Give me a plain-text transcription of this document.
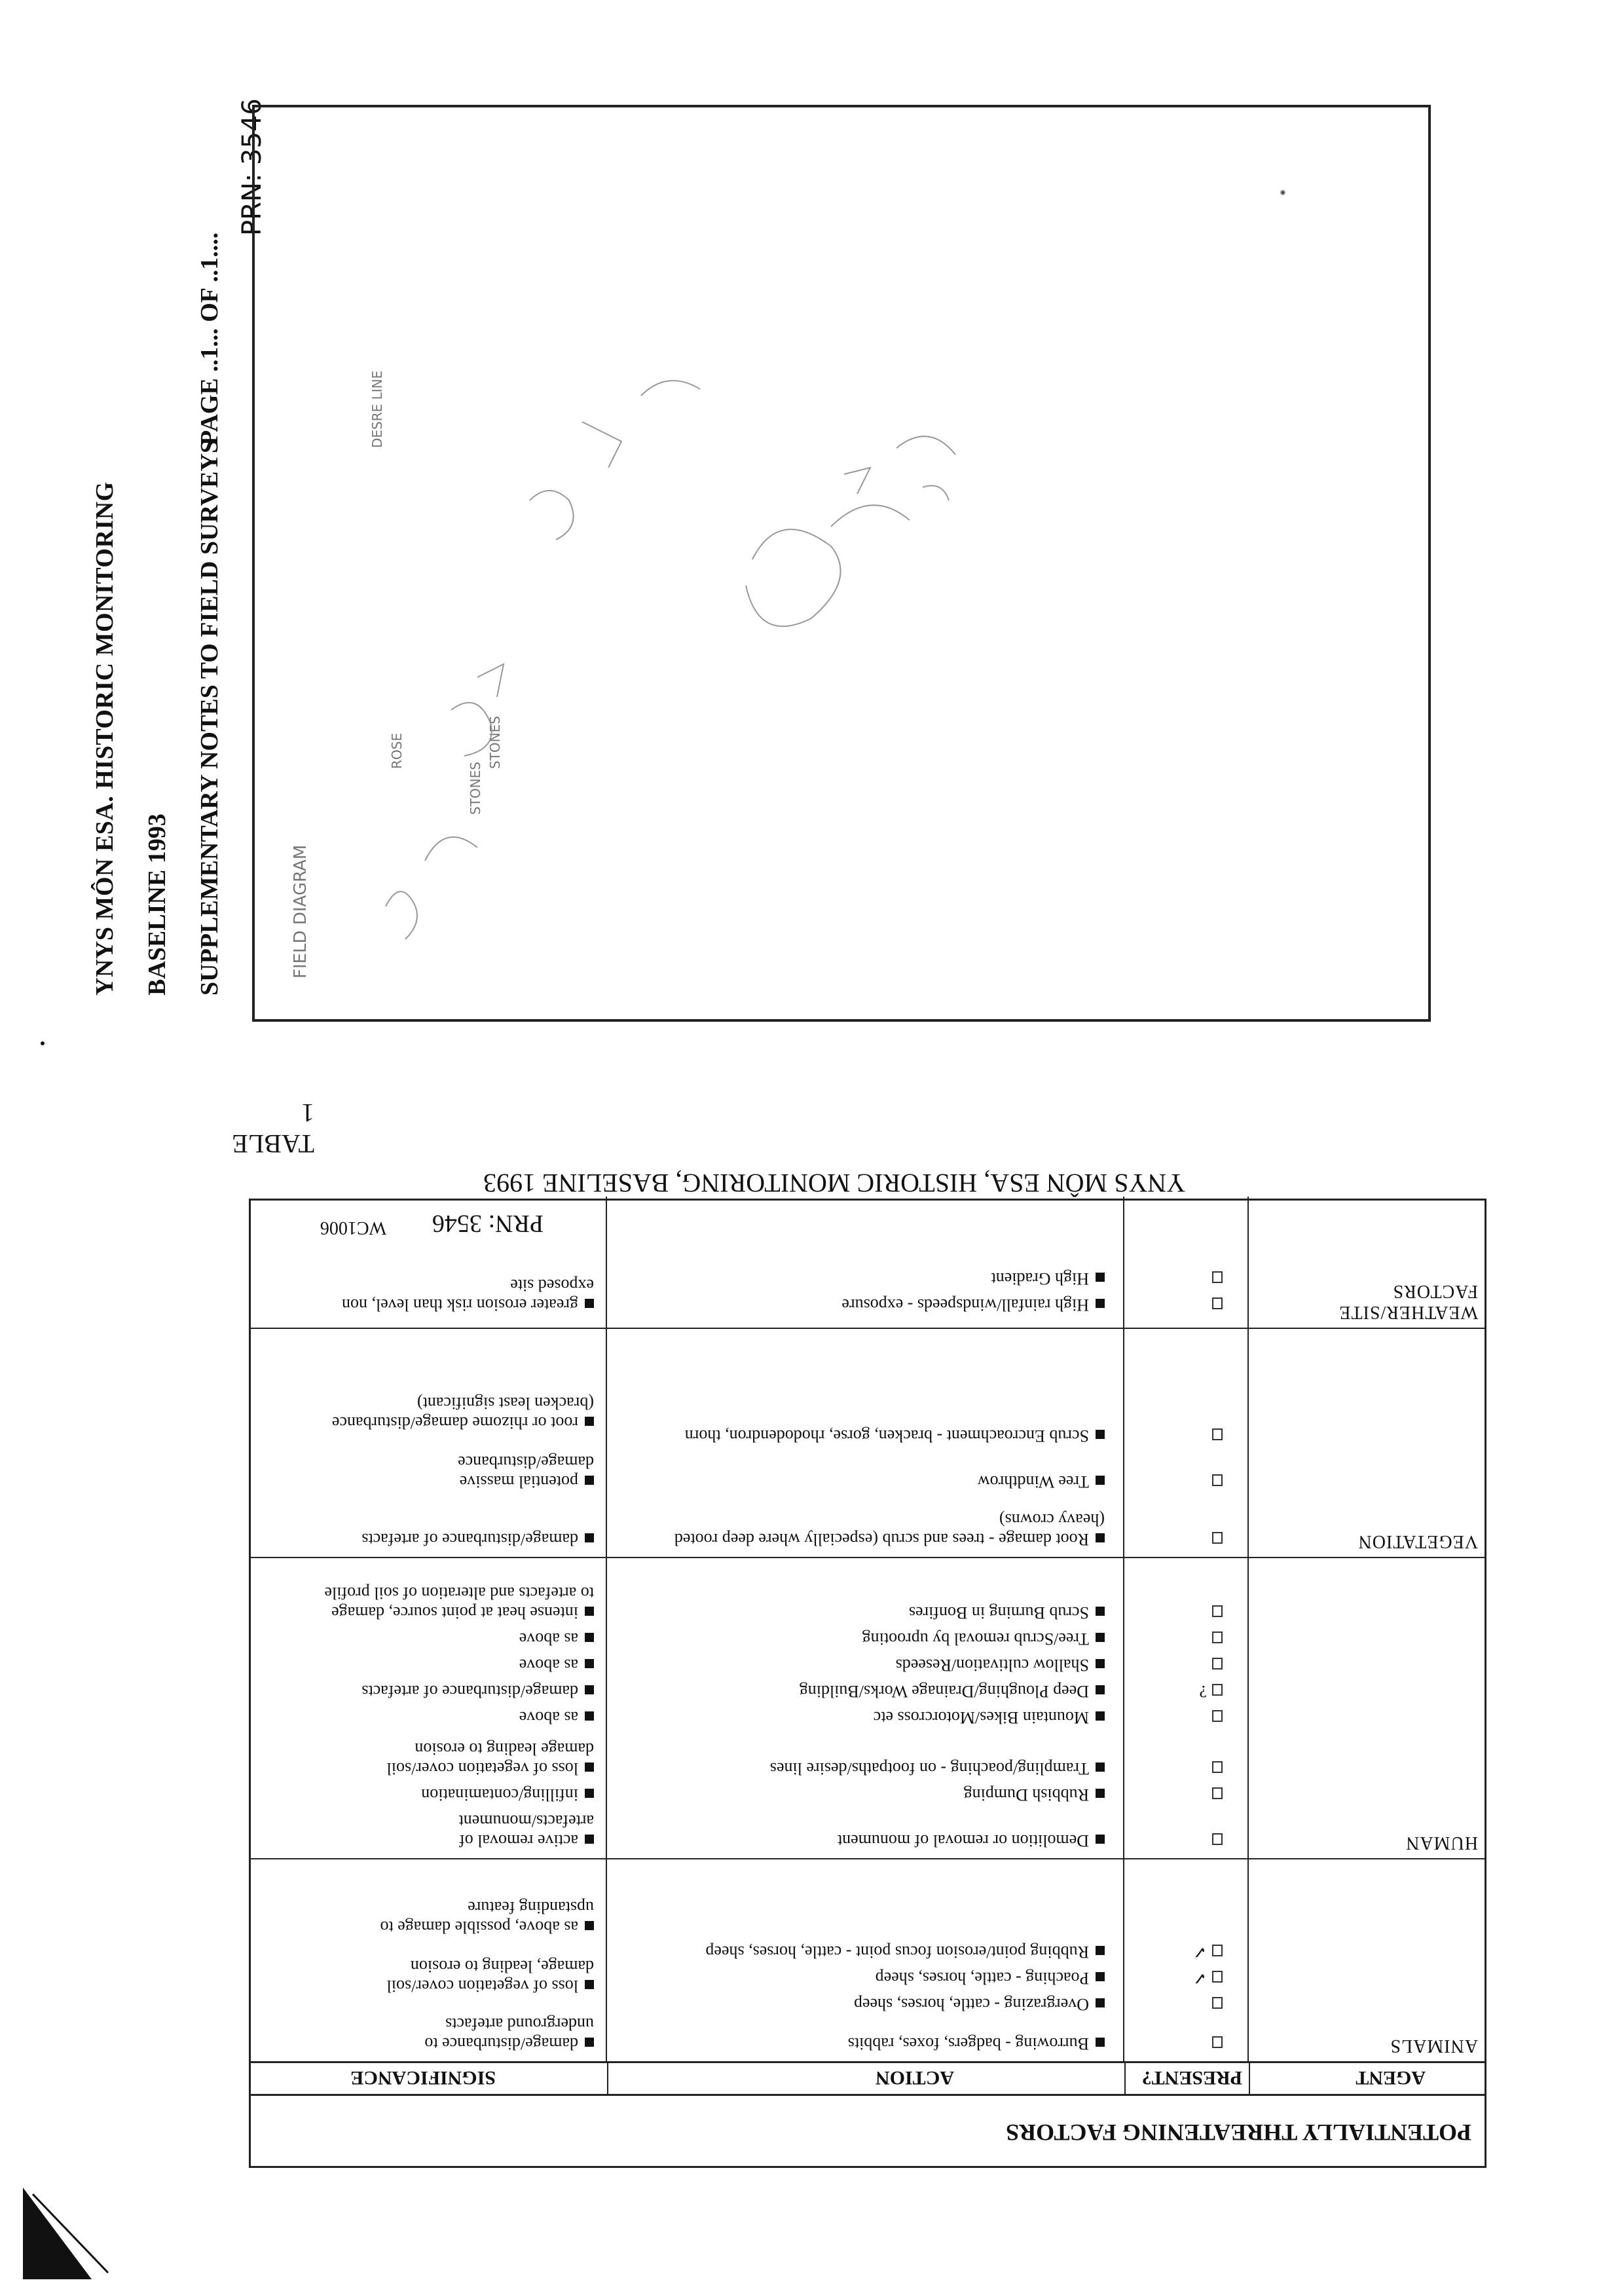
YNYS MÔN ESA. HISTORIC MONITORING BASELINE 1993 SUPPLEMENTARY NOTES TO FIELD SURVEYS
PAGE ..1... OF ..1....
PRN: 3546
FIELD DIAGRAM
DESRE LINE
ROSE	STONES
STONES
TABLE 1
YNYS MÔN ESA, HISTORIC MONITORING, BASELINE 1993
PRN: 3546
POTENTIALLY THREATENING FACTORS
AGENT
PRESENT?
ACTION
SIGNIFICANCE
ANIMALS
Burrowing - badgers, foxes, rabbits
Overgrazing - cattle, horses, sheep
✓
Poaching - cattle, horses, sheep
✓
Rubbing point/erosion focus point - cattle, horses, sheep
damage/disturbance to underground artefacts
loss of vegetation cover/soil damage, leading to erosion
as above, possible damage to upstanding feature
HUMAN
Demolition or removal of monument
Rubbish Dumping
Trampling/poaching - on footpaths/desire lines
Mountain Bikes/Motorcross etc
?
Deep Ploughing/Drainage Works/Building
Shallow cultivation/Reseeds
Tree/Scrub removal by uprooting
Scrub Burning in Bonfires
active removal of artefacts/monument
infilling/contamination
loss of vegetation cover/soil damage leading to erosion
as above
damage/disturbance of artefacts
as above
as above
intense heat at point source, damage to artefacts and alteration of soil profile
VEGETATION
Root damage - trees and scrub (especially where deep rooted (heavy crowns)
Tree Windthrow
Scrub Encroachment - bracken, gorse, rhododendron, thorn
damage/disturbance of artefacts
potential massive damage/disturbance
root or rhizome damage/disturbance (bracken least significant)
WEATHER/SITE FACTORS
High rainfall/windspeeds - exposure
High Gradient
greater erosion risk than level, non exposed site
WC1006
